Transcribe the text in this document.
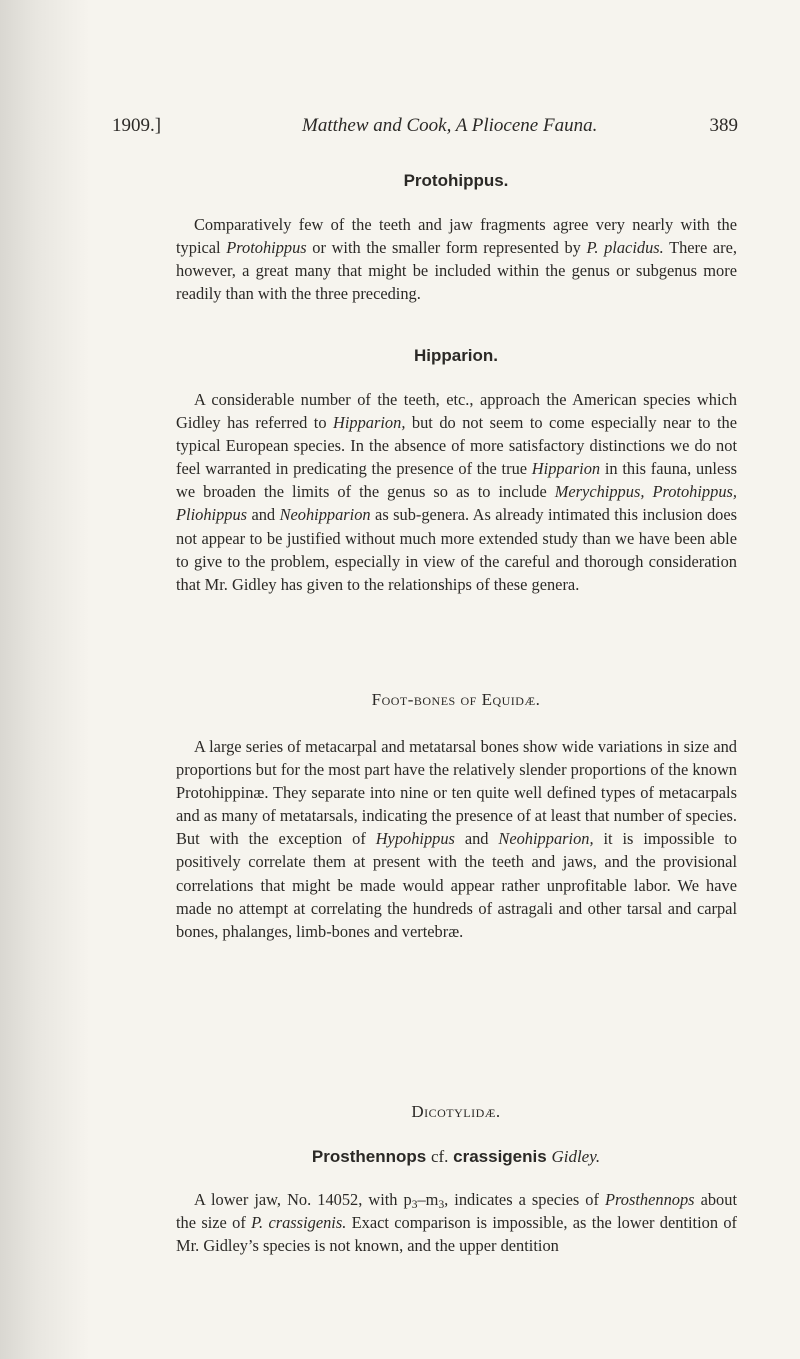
1909.]	Matthew and Cook, A Pliocene Fauna.	389
Protohippus.

Comparatively few of the teeth and jaw fragments agree very nearly with the typical Protohippus or with the smaller form represented by P. placidus. There are, however, a great many that might be included within the genus or subgenus more readily than with the three preceding.

Hipparion.

A considerable number of the teeth, etc., approach the American species which Gidley has referred to Hipparion, but do not seem to come especially near to the typical European species. In the absence of more satisfactory distinctions we do not feel warranted in predicating the presence of the true Hipparion in this fauna, unless we broaden the limits of the genus so as to include Merychippus, Protohippus, Pliohippus and Neohipparion as sub-genera. As already intimated this inclusion does not appear to be justified without much more extended study than we have been able to give to the problem, especially in view of the careful and thorough consideration that Mr. Gidley has given to the relationships of these genera.

Foot-bones of Equidæ.

A large series of metacarpal and metatarsal bones show wide variations in size and proportions but for the most part have the relatively slender proportions of the known Protohippinæ. They separate into nine or ten quite well defined types of metacarpals and as many of metatarsals, indicating the presence of at least that number of species. But with the exception of Hypohippus and Neohipparion, it is impossible to positively correlate them at present with the teeth and jaws, and the provisional correlations that might be made would appear rather unprofitable labor. We have made no attempt at correlating the hundreds of astragali and other tarsal and carpal bones, phalanges, limb-bones and vertebræ.

Dicotylidæ.
Prosthennops cf. crassigenis Gidley.

A lower jaw, No. 14052, with $p_3-m_3$, indicates a species of Prosthennops about the size of P. crassigenis. Exact comparison is impossible, as the lower dentition of Mr. Gidley’s species is not known, and the upper dentition
